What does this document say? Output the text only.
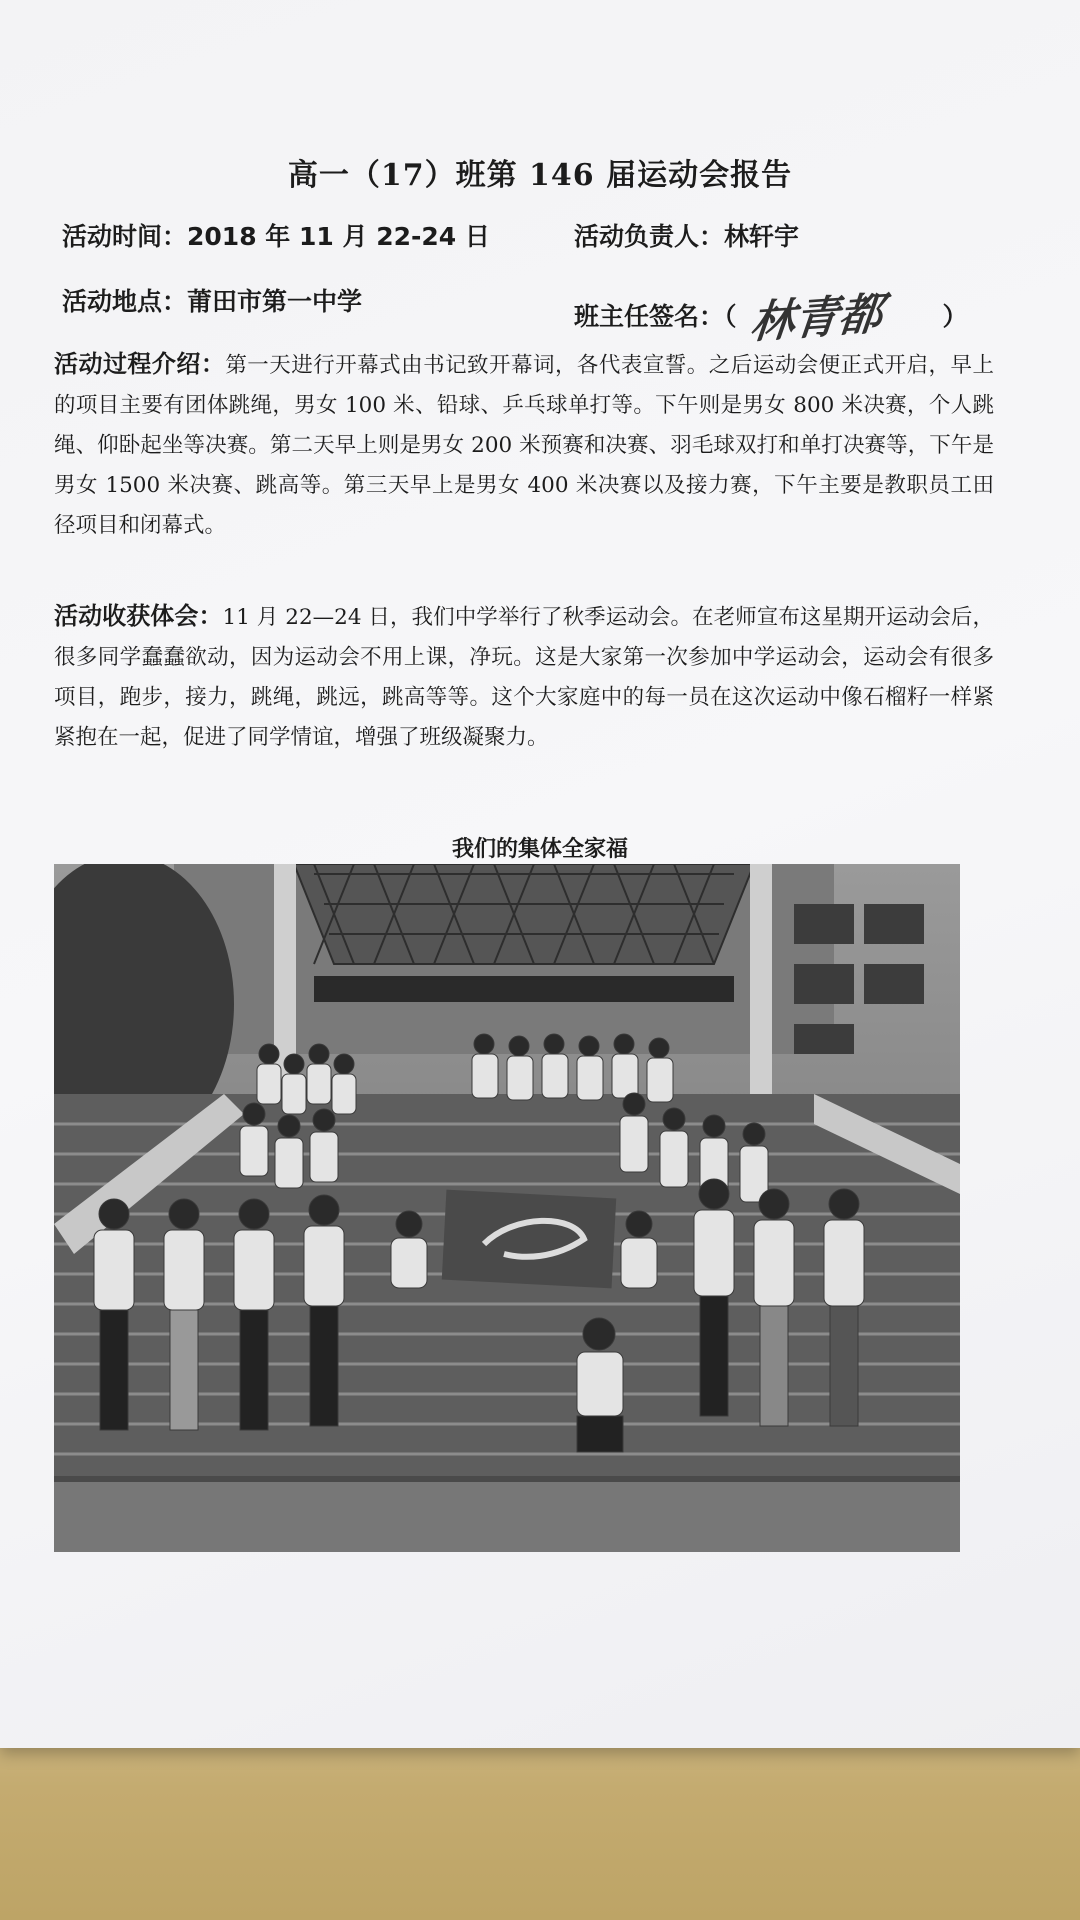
高一（17）班第 146 届运动会报告
活动时间：2018 年 11 月 22-24 日	活动负责人：林轩宇
活动地点：莆田市第一中学
班主任签名：（ 林青都 ）
活动过程介绍：第一天进行开幕式由书记致开幕词，各代表宣誓。之后运动会便正式开启，早上的项目主要有团体跳绳，男女 100 米、铅球、乒乓球单打等。下午则是男女 800 米决赛，个人跳绳、仰卧起坐等决赛。第二天早上则是男女 200 米预赛和决赛、羽毛球双打和单打决赛等，下午是男女 1500 米决赛、跳高等。第三天早上是男女 400 米决赛以及接力赛，下午主要是教职员工田径项目和闭幕式。
活动收获体会：11 月 22—24 日，我们中学举行了秋季运动会。在老师宣布这星期开运动会后，很多同学蠢蠢欲动，因为运动会不用上课，净玩。这是大家第一次参加中学运动会，运动会有很多项目，跑步，接力，跳绳，跳远，跳高等等。这个大家庭中的每一员在这次运动中像石榴籽一样紧紧抱在一起，促进了同学情谊，增强了班级凝聚力。
我们的集体全家福
